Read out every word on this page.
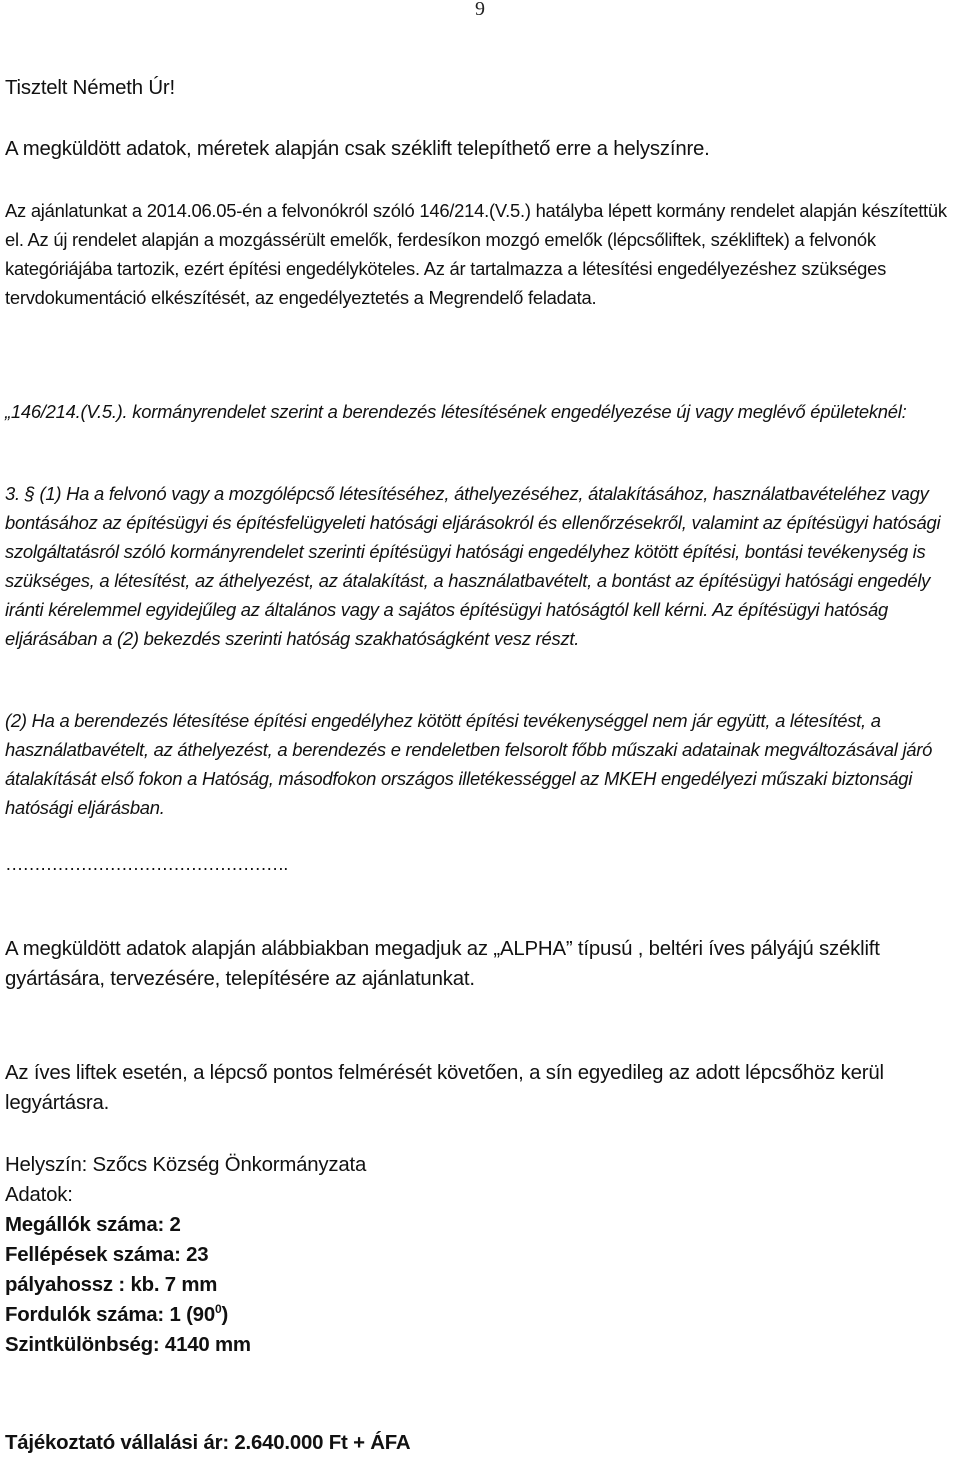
9

Tisztelt Németh Úr!

A megküldött adatok, méretek alapján csak széklift telepíthető erre a helyszínre.

Az ajánlatunkat a 2014.06.05-én a felvonókról szóló 146/214.(V.5.) hatályba lépett kormány rendelet alapján készítettük el. Az új rendelet alapján a mozgássérült emelők, ferdesíkon mozgó emelők (lépcsőliftek, székliftek) a felvonók kategóriájába tartozik, ezért építési engedélyköteles. Az ár tartalmazza a létesítési engedélyezéshez szükséges tervdokumentáció elkészítését, az engedélyeztetés a Megrendelő feladata.

„146/214.(V.5.). kormányrendelet szerint a berendezés létesítésének engedélyezése új vagy meglévő épületeknél:

3. § (1) Ha a felvonó vagy a mozgólépcső létesítéséhez, áthelyezéséhez, átalakításához, használatbavételéhez vagy bontásához az építésügyi és építésfelügyeleti hatósági eljárásokról és ellenőrzésekről, valamint az építésügyi hatósági szolgáltatásról szóló kormányrendelet szerinti építésügyi hatósági engedélyhez kötött építési, bontási tevékenység is szükséges, a létesítést, az áthelyezést, az átalakítást, a használatbavételt, a bontást az építésügyi hatósági engedély iránti kérelemmel egyidejűleg az általános vagy a sajátos építésügyi hatóságtól kell kérni. Az építésügyi hatóság eljárásában a (2) bekezdés szerinti hatóság szakhatóságként vesz részt.

(2) Ha a berendezés létesítése építési engedélyhez kötött építési tevékenységgel nem jár együtt, a létesítést, a használatbavételt, az áthelyezést, a berendezés e rendeletben felsorolt főbb műszaki adatainak megváltozásával járó átalakítását első fokon a Hatóság, másodfokon országos illetékességgel az MKEH engedélyezi műszaki biztonsági hatósági eljárásban.

………………………………………….

A megküldött adatok alapján alábbiakban megadjuk az „ALPHA” típusú , beltéri íves pályájú széklift gyártására, tervezésére, telepítésére az ajánlatunkat.

Az íves liftek esetén, a lépcső pontos felmérését követően, a sín egyedileg az adott lépcsőhöz kerül legyártásra.

Helyszín: Szőcs Község Önkormányzata

Adatok:

Megállók száma: 2

Fellépések száma: 23

pályahossz : kb. 7 mm

Fordulók száma: 1 $(90^0)$

Szintkülönbség: 4140 mm

Tájékoztató vállalási ár: 2.640.000 Ft + ÁFA
